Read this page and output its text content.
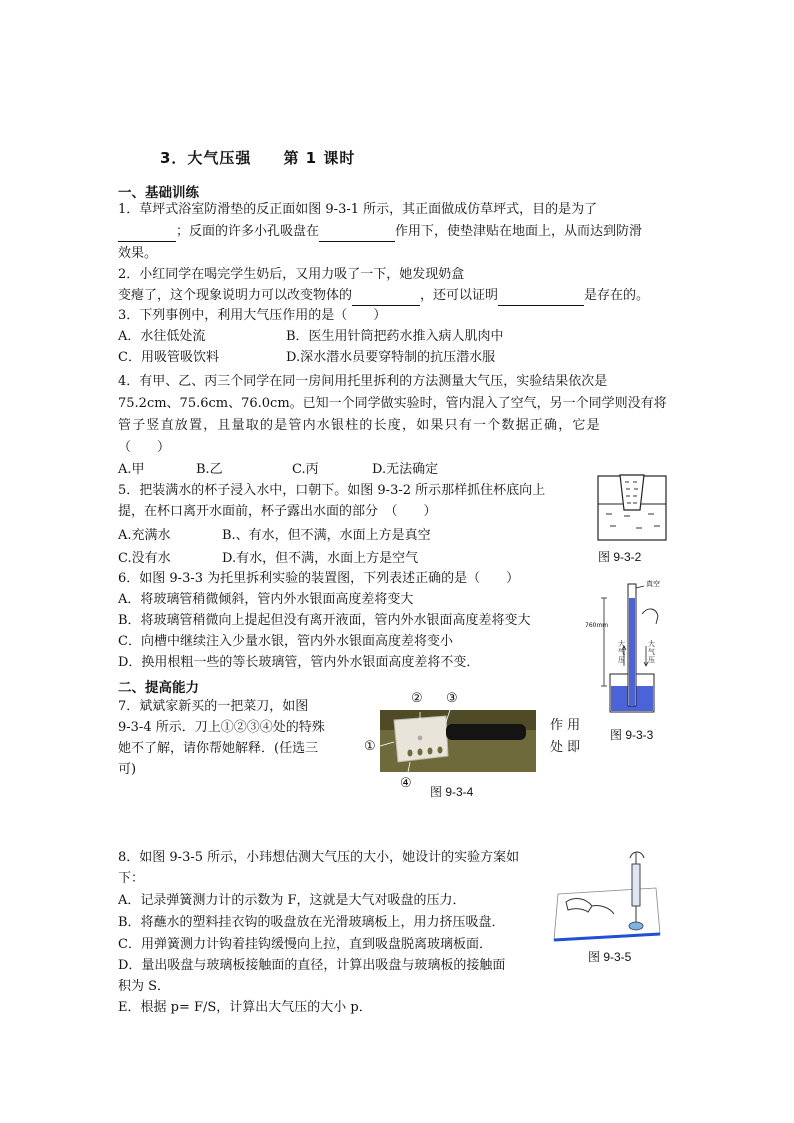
3．大气压强　　第 1 课时
一、基础训练
1．草坪式浴室防滑垫的反正面如图 9-3-1 所示，其正面做成仿草坪式，目的是为了
；反面的许多小孔吸盘在	作用下，使垫津贴在地面上，从而达到防滑
效果。
2．小红同学在喝完学生奶后，又用力吸了一下，她发现奶盒
变瘪了，这个现象说明力可以改变物体的	，还可以证明	是存在的。
3．下列事例中，利用大气压作用的是（　　）
A．水往低处流	B．医生用针筒把药水推入病人肌肉中
C．用吸管吸饮料	D.深水潜水员要穿特制的抗压潜水服
4．有甲、乙、丙三个同学在同一房间用托里拆利的方法测量大气压，实验结果依次是
75.2cm、75.6cm、76.0cm。已知一个同学做实验时，管内混入了空气，另一个同学则没有将
管子竖直放置，且量取的是管内水银柱的长度，如果只有一个数据正确，它是
（　　）
A.甲	B.乙	C.丙	D.无法确定
5．把装满水的杯子浸入水中，口朝下。如图 9-3-2 所示那样抓住杯底向上
提，在杯口离开水面前，杯子露出水面的部分　（　　）
A.充满水	B.、有水，但不满，水面上方是真空
C.没有水	D.有水，但不满，水面上方是空气	图 9-3-2
6．如图 9-3-3 为托里拆利实验的装置图，下列表述正确的是（　　）
A．将玻璃管稍微倾斜，管内外水银面高度差将变大
B．将玻璃管稍微向上提起但没有离开液面，管内外水银面高度差将变大
C．向槽中继续注入少量水银，管内外水银面高度差将变小
D．换用根粗一些的等长玻璃管，管内外水银面高度差将不变．
真空
760mm
大气压
大气压
图 9-3-3
二、提高能力
7．斌斌家新买的一把菜刀，如图
9-3-4 所示．刀上①②③④处的特殊
她不了解，请你帮她解释．(任选三
可)
作 用
处 即
② ③
①
④
图 9-3-4
8．如图 9-3-5 所示，小玮想估测大气压的大小，她设计的实验方案如
下：
A．记录弹簧测力计的示数为 F，这就是大气对吸盘的压力．
B．将蘸水的塑料挂衣钩的吸盘放在光滑玻璃板上，用力挤压吸盘．
C．用弹簧测力计钩着挂钩缓慢向上拉，直到吸盘脱离玻璃板面．
D．量出吸盘与玻璃板接触面的直径，计算出吸盘与玻璃板的接触面
积为 S．
E．根据 p= F/S，计算出大气压的大小 p．
图 9-3-5
